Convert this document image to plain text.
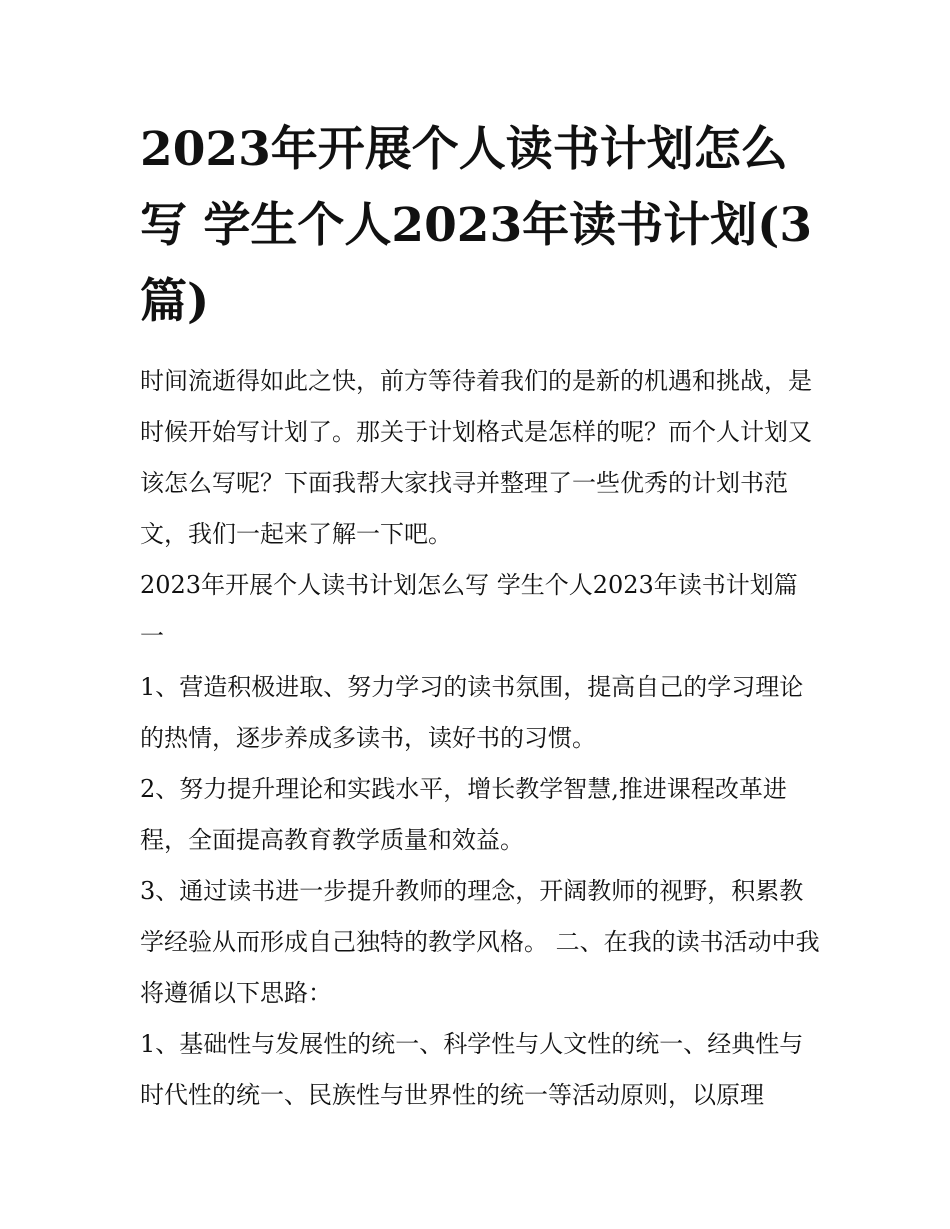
2023年开展个人读书计划怎么写 学生个人2023年读书计划(3篇)

时间流逝得如此之快，前方等待着我们的是新的机遇和挑战，是时候开始写计划了。那关于计划格式是怎样的呢？而个人计划又该怎么写呢？下面我帮大家找寻并整理了一些优秀的计划书范文，我们一起来了解一下吧。

2023年开展个人读书计划怎么写 学生个人2023年读书计划篇一

1、营造积极进取、努力学习的读书氛围，提高自己的学习理论的热情，逐步养成多读书，读好书的习惯。

2、努力提升理论和实践水平，增长教学智慧,推进课程改革进程，全面提高教育教学质量和效益。

3、通过读书进一步提升教师的理念，开阔教师的视野，积累教学经验从而形成自己独特的教学风格。 二、在我的读书活动中我将遵循以下思路：

1、基础性与发展性的统一、科学性与人文性的统一、经典性与时代性的统一、民族性与世界性的统一等活动原则，以原理
